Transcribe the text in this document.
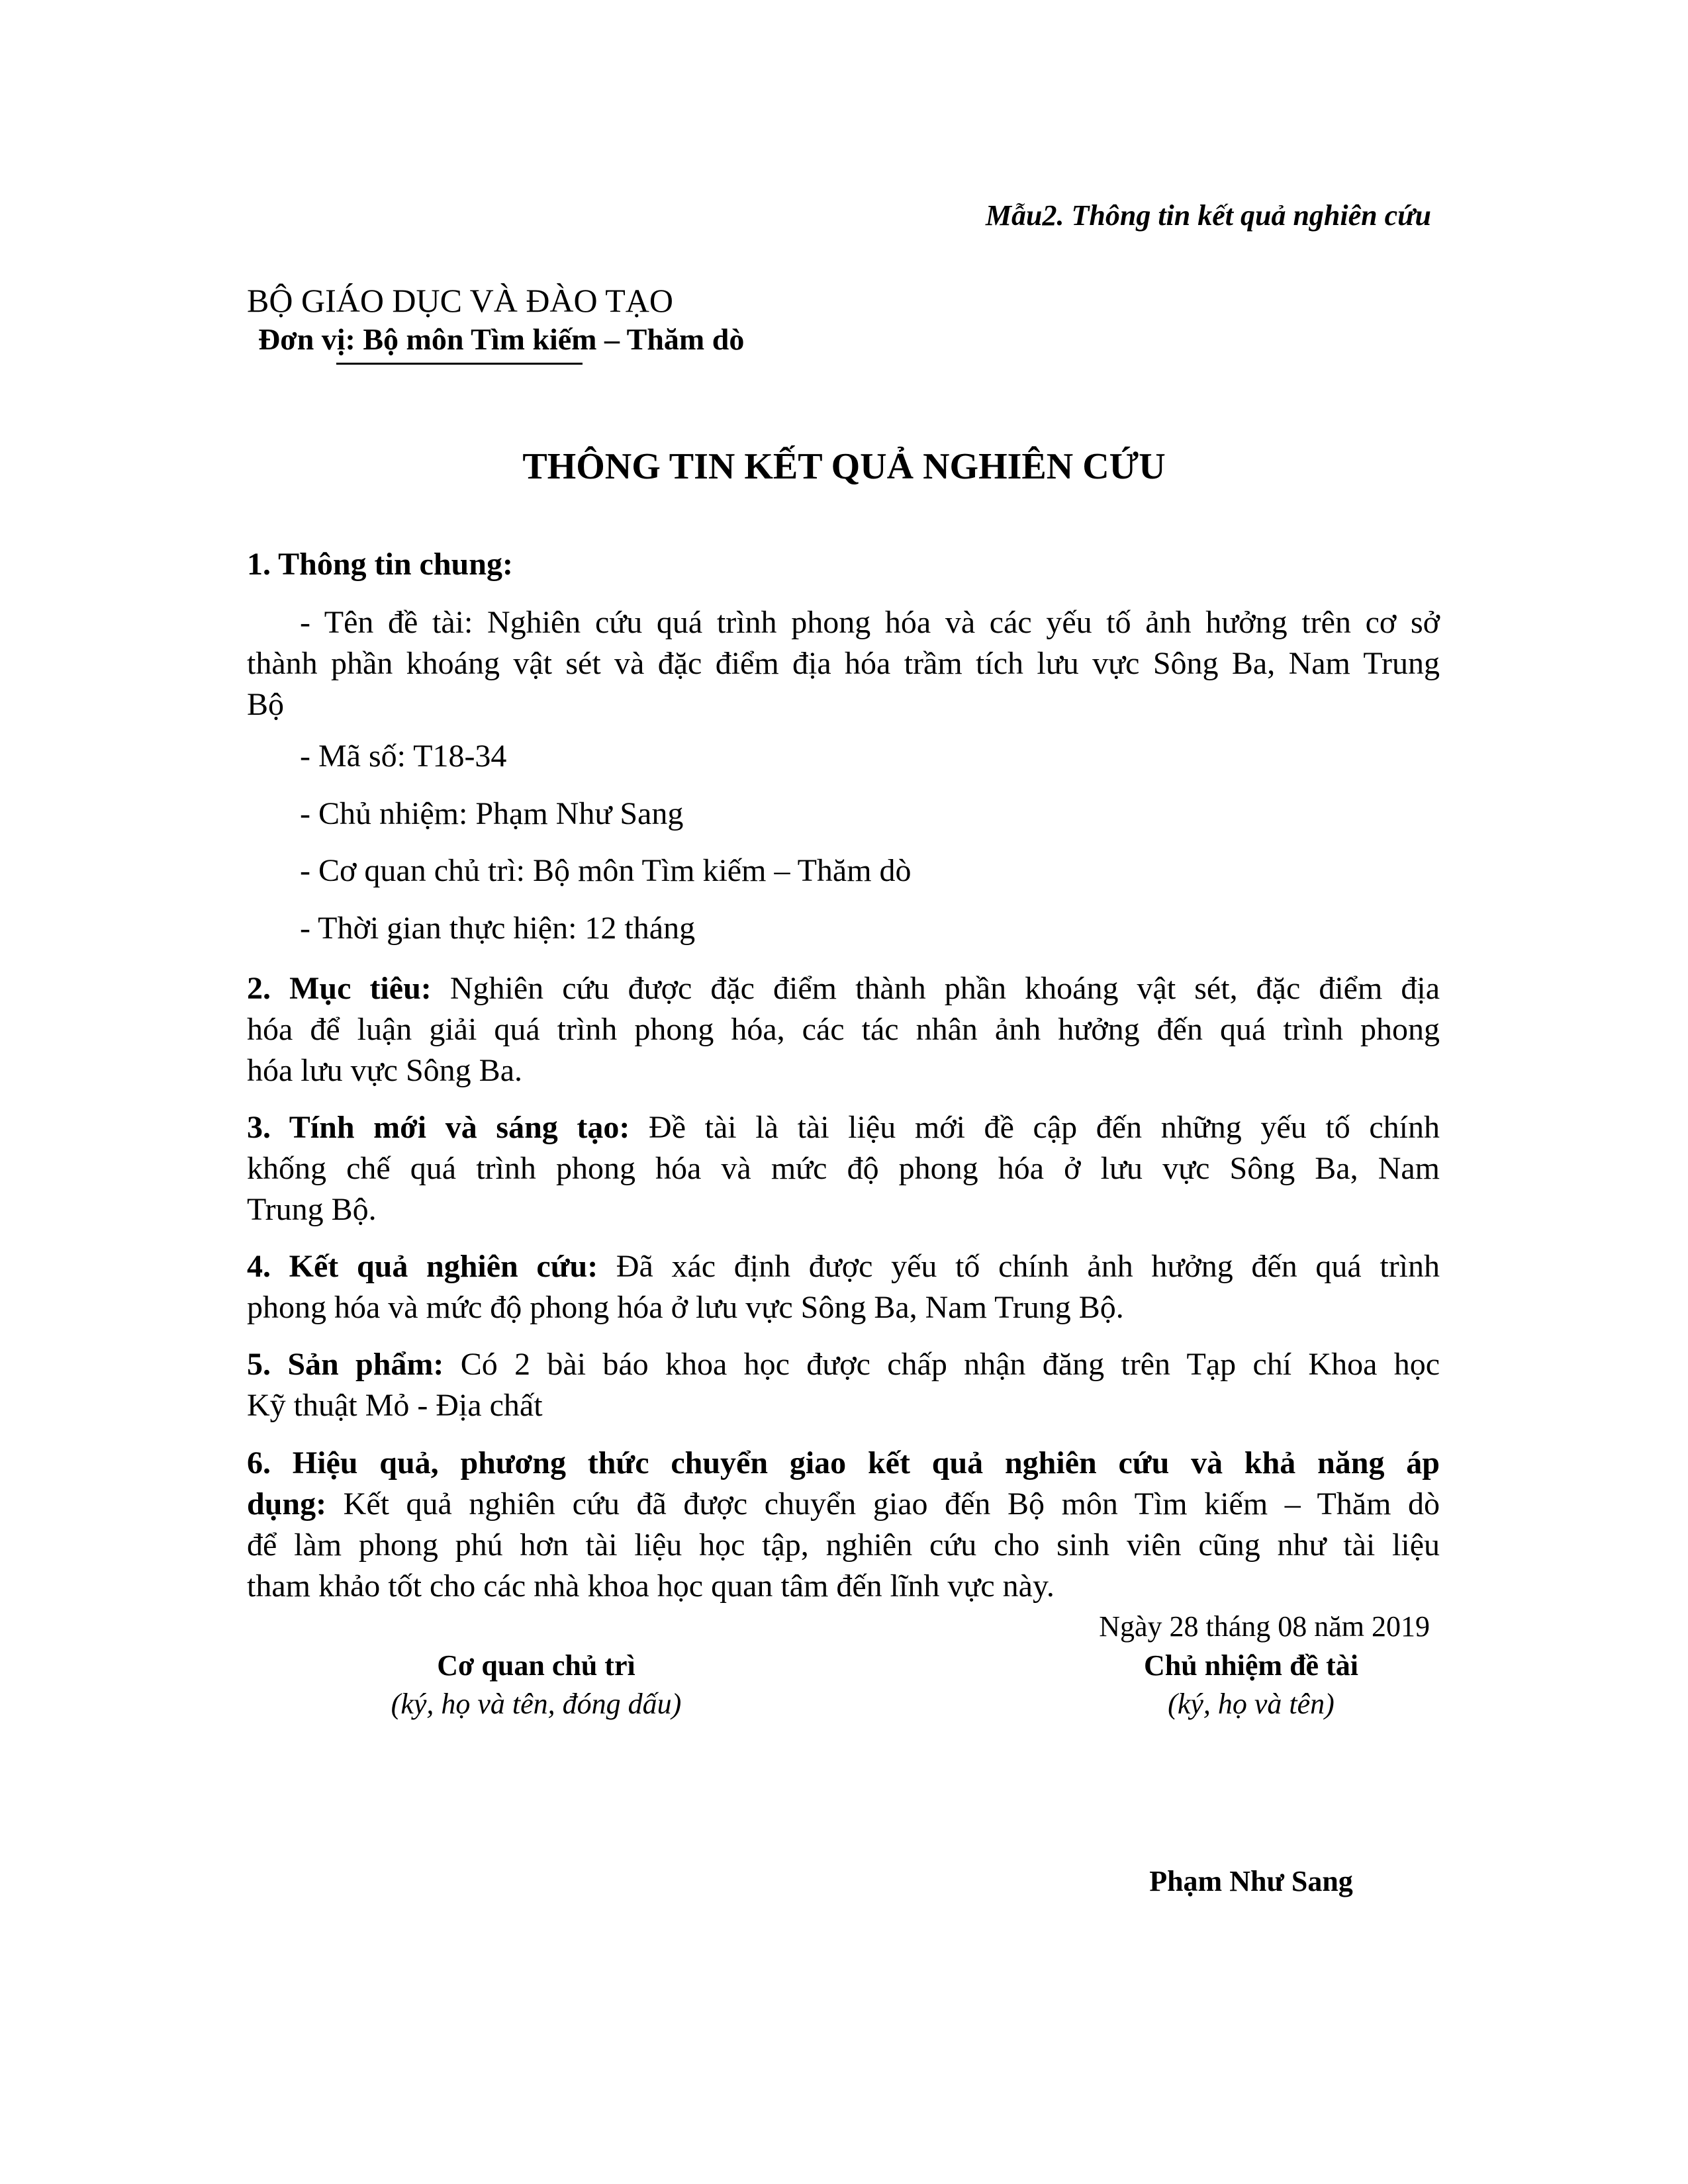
Mẫu2. Thông tin kết quả nghiên cứu
BỘ GIÁO DỤC VÀ ĐÀO TẠO
Đơn vị: Bộ môn Tìm kiếm – Thăm dò
THÔNG TIN KẾT QUẢ NGHIÊN CỨU
1. Thông tin chung:
- Tên đề tài: Nghiên cứu quá trình phong hóa và các yếu tố ảnh hưởng trên cơ sở
thành phần khoáng vật sét và đặc điểm địa hóa trầm tích lưu vực Sông Ba, Nam Trung
Bộ
- Mã số: T18-34
- Chủ nhiệm: Phạm Như Sang
- Cơ quan chủ trì: Bộ môn Tìm kiếm – Thăm dò
- Thời gian thực hiện: 12 tháng
2. Mục tiêu: Nghiên cứu được đặc điểm thành phần khoáng vật sét, đặc điểm địa
hóa để luận giải quá trình phong hóa, các tác nhân ảnh hưởng đến quá trình phong
hóa lưu vực Sông Ba.
3. Tính mới và sáng tạo: Đề tài là tài liệu mới đề cập đến những yếu tố chính
khống chế quá trình phong hóa và mức độ phong hóa ở lưu vực Sông Ba, Nam
Trung Bộ.
4. Kết quả nghiên cứu: Đã xác định được yếu tố chính ảnh hưởng đến quá trình
phong hóa và mức độ phong hóa ở lưu vực Sông Ba, Nam Trung Bộ.
5. Sản phẩm: Có 2 bài báo khoa học được chấp nhận đăng trên Tạp chí Khoa học
Kỹ thuật Mỏ - Địa chất
6. Hiệu quả, phương thức chuyển giao kết quả nghiên cứu và khả năng áp
dụng: Kết quả nghiên cứu đã được chuyển giao đến Bộ môn Tìm kiếm – Thăm dò
để làm phong phú hơn tài liệu học tập, nghiên cứu cho sinh viên cũng như tài liệu
tham khảo tốt cho các nhà khoa học quan tâm đến lĩnh vực này.
Ngày 28 tháng 08 năm 2019
Cơ quan chủ trì
(ký, họ và tên, đóng dấu)
Chủ nhiệm đề tài
(ký, họ và tên)
Phạm Như Sang
